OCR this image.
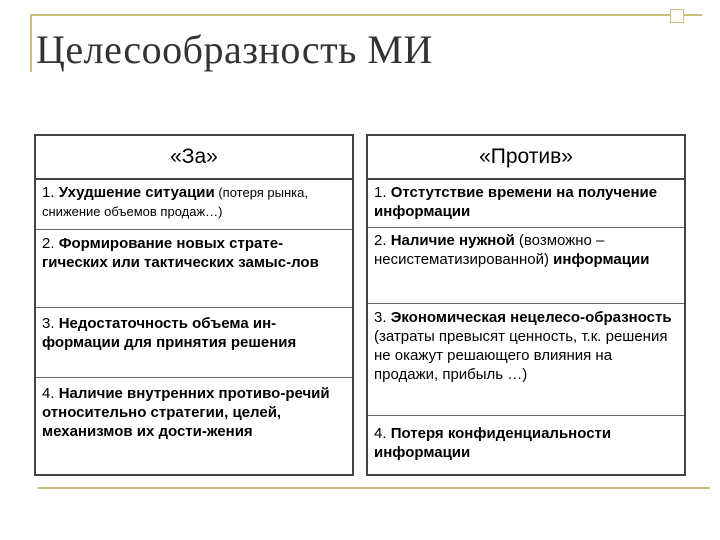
Целесообразность МИ
«За»
1. Ухудшение ситуации (потеря рынка, снижение объемов продаж…)
2. Формирование новых страте-гических или тактических замыс-лов
3. Недостаточность объема ин-формации для принятия решения
4. Наличие внутренних противо-речий относительно стратегии, целей, механизмов их дости-жения
«Против»
1. Отстутствие времени на получение информации
2. Наличие нужной (возможно – несистематизированной) информации
3. Экономическая нецелесо-образность (затраты превысят ценность, т.к. решения не окажут решающего влияния на продажи, прибыль …)
4. Потеря конфиденциальности информации
